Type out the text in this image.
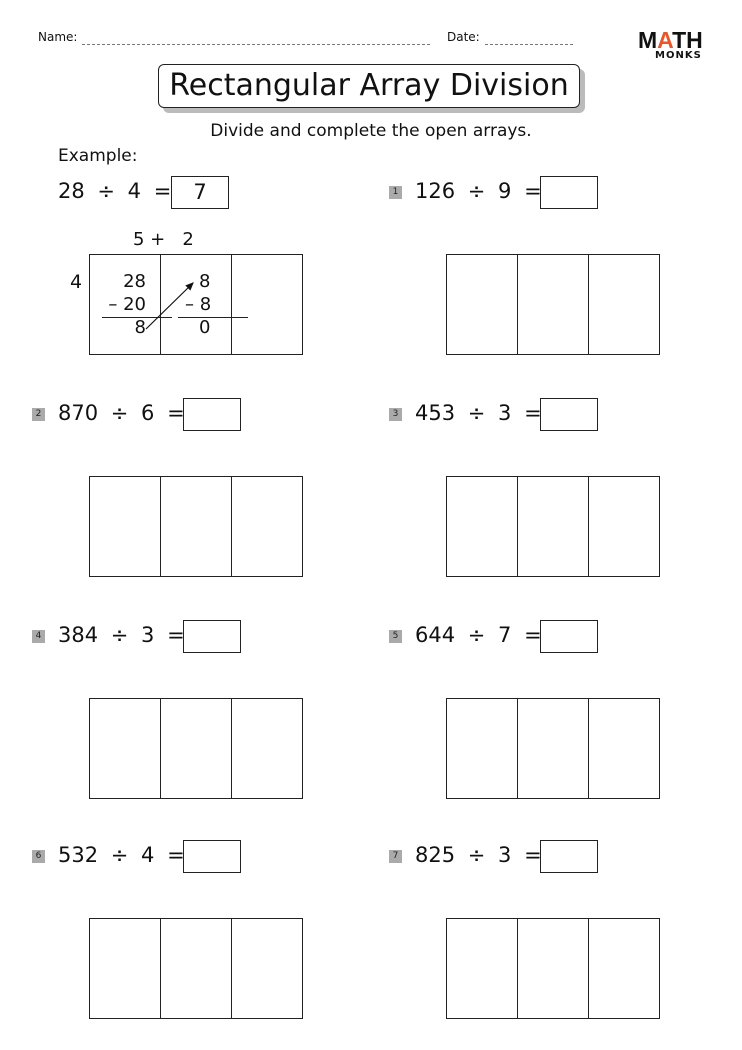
Name:	Date:	MATH
MONKS
Rectangular Array Division
Divide and complete the open arrays.
Example:
28 ÷ 4 =	7
5 +   2
4 28
– 20
8
8
– 8
0
1 126 ÷ 9 =
2 870 ÷ 6 =	3 453 ÷ 3 =
4 384 ÷ 3 =	5 644 ÷ 7 =
6 532 ÷ 4 =	7 825 ÷ 3 =
